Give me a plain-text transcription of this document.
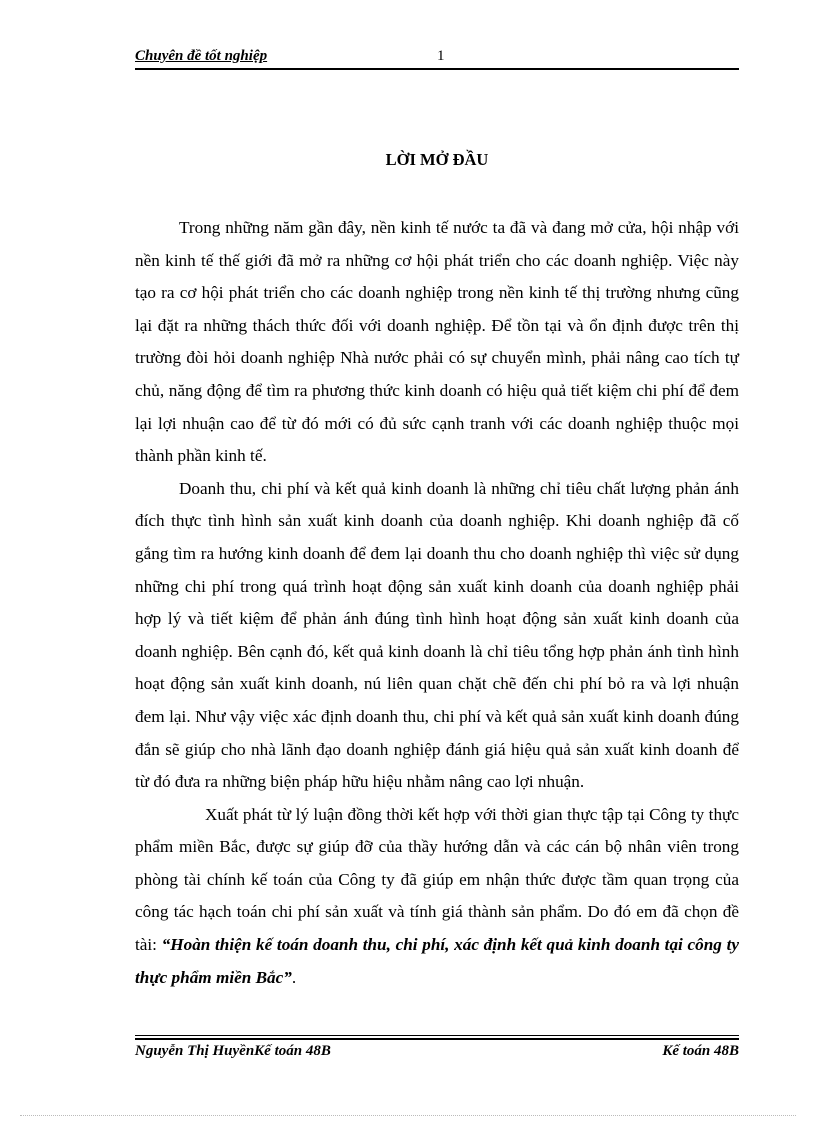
Chuyên đề tốt nghiệp	1
LỜI MỞ ĐẦU

Trong những năm gần đây, nền kinh tế nước ta đã và đang mở cửa, hội nhập với nền kinh tế thế giới đã mở ra những cơ hội phát triển cho các doanh nghiệp. Việc này tạo ra cơ hội phát triển cho các doanh nghiệp trong nền kinh tế thị trường nhưng cũng lại đặt ra những thách thức đối với doanh nghiệp. Để tồn tại và ổn định được trên thị trường đòi hỏi doanh nghiệp Nhà nước phải có sự chuyển mình, phải nâng cao tích tự chủ, năng động để tìm ra phương thức kinh doanh có hiệu quả tiết kiệm chi phí để đem lại lợi nhuận cao để từ đó mới có đủ sức cạnh tranh với các doanh nghiệp thuộc mọi thành phần kinh tế.

Doanh thu, chi phí và kết quả kinh doanh là những chỉ tiêu chất lượng phản ánh đích thực tình hình sản xuất kinh doanh của doanh nghiệp. Khi doanh nghiệp đã cố gắng tìm ra hướng kinh doanh để đem lại doanh thu cho doanh nghiệp thì việc sử dụng những chi phí trong quá trình hoạt động sản xuất kinh doanh của doanh nghiệp phải hợp lý và tiết kiệm để phản ánh đúng tình hình hoạt động sản xuất kinh doanh của doanh nghiệp. Bên cạnh đó, kết quả kinh doanh là chỉ tiêu tổng hợp phản ánh tình hình hoạt động sản xuất kinh doanh, nú liên quan chặt chẽ đến chi phí bỏ ra và lợi nhuận đem lại. Như vậy việc xác định doanh thu, chi phí và kết quả sản xuất kinh doanh đúng đắn sẽ giúp cho nhà lãnh đạo doanh nghiệp đánh giá hiệu quả sản xuất kinh doanh để từ đó đưa ra những biện pháp hữu hiệu nhằm nâng cao lợi nhuận.

Xuất phát từ lý luận đồng thời kết hợp với thời gian thực tập tại Công ty thực phẩm miền Bắc, được sự giúp đỡ của thầy hướng dẫn và các cán bộ nhân viên trong phòng tài chính kế toán của Công ty đã giúp em nhận thức được tầm quan trọng của công tác hạch toán chi phí sản xuất và tính giá thành sản phẩm. Do đó em đã chọn đề tài: “Hoàn thiện kế toán doanh thu, chi phí, xác định kết quả kinh doanh tại công ty thực phẩm miền Bắc”.

Nguyễn Thị HuyềnKế toán 48B	Kế toán 48B
